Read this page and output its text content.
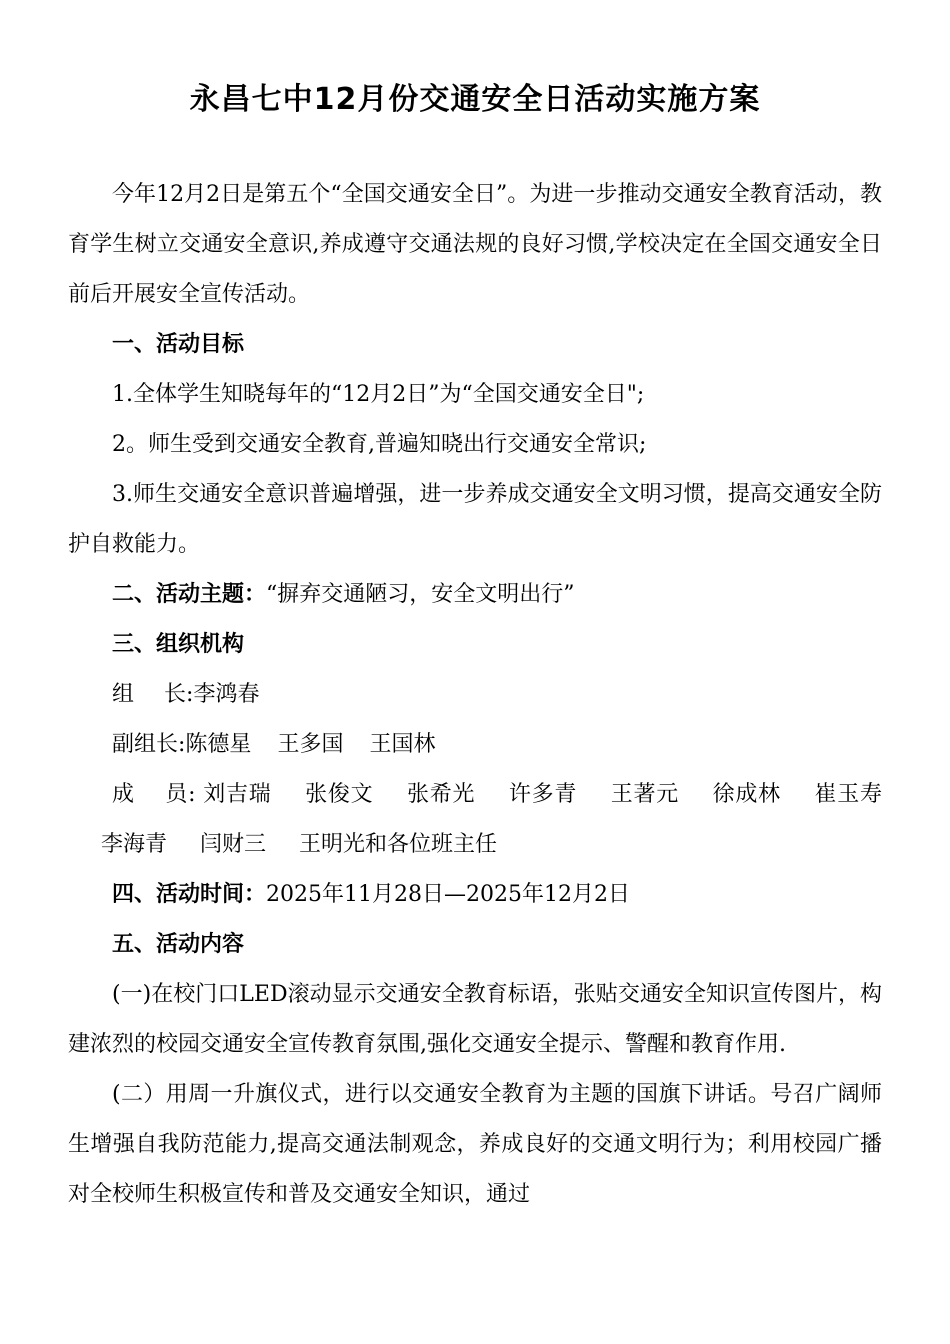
永昌七中12月份交通安全日活动实施方案

今年12月2日是第五个“全国交通安全日”。为进一步推动交通安全教育活动，教育学生树立交通安全意识,养成遵守交通法规的良好习惯,学校决定在全国交通安全日前后开展安全宣传活动。

一、活动目标

1.全体学生知晓每年的“12月2日”为“全国交通安全日";

2。师生受到交通安全教育,普遍知晓出行交通安全常识;

3.师生交通安全意识普遍增强，进一步养成交通安全文明习惯，提高交通安全防护自救能力。

二、活动主题：“摒弃交通陋习，安全文明出行”

三、组织机构

组 长:李鸿春

副组长:陈德星 王多国 王国林

成 员: 刘吉瑞 张俊文 张希光 许多青 王著元 徐成林 崔玉寿 李海青 闫财三 王明光和各位班主任

四、活动时间：2025年11月28日—2025年12月2日

五、活动内容

(一)在校门口LED滚动显示交通安全教育标语，张贴交通安全知识宣传图片，构建浓烈的校园交通安全宣传教育氛围,强化交通安全提示、警醒和教育作用.

(二）用周一升旗仪式，进行以交通安全教育为主题的国旗下讲话。号召广阔师生增强自我防范能力,提高交通法制观念，养成良好的交通文明行为；利用校园广播对全校师生积极宣传和普及交通安全知识，通过
